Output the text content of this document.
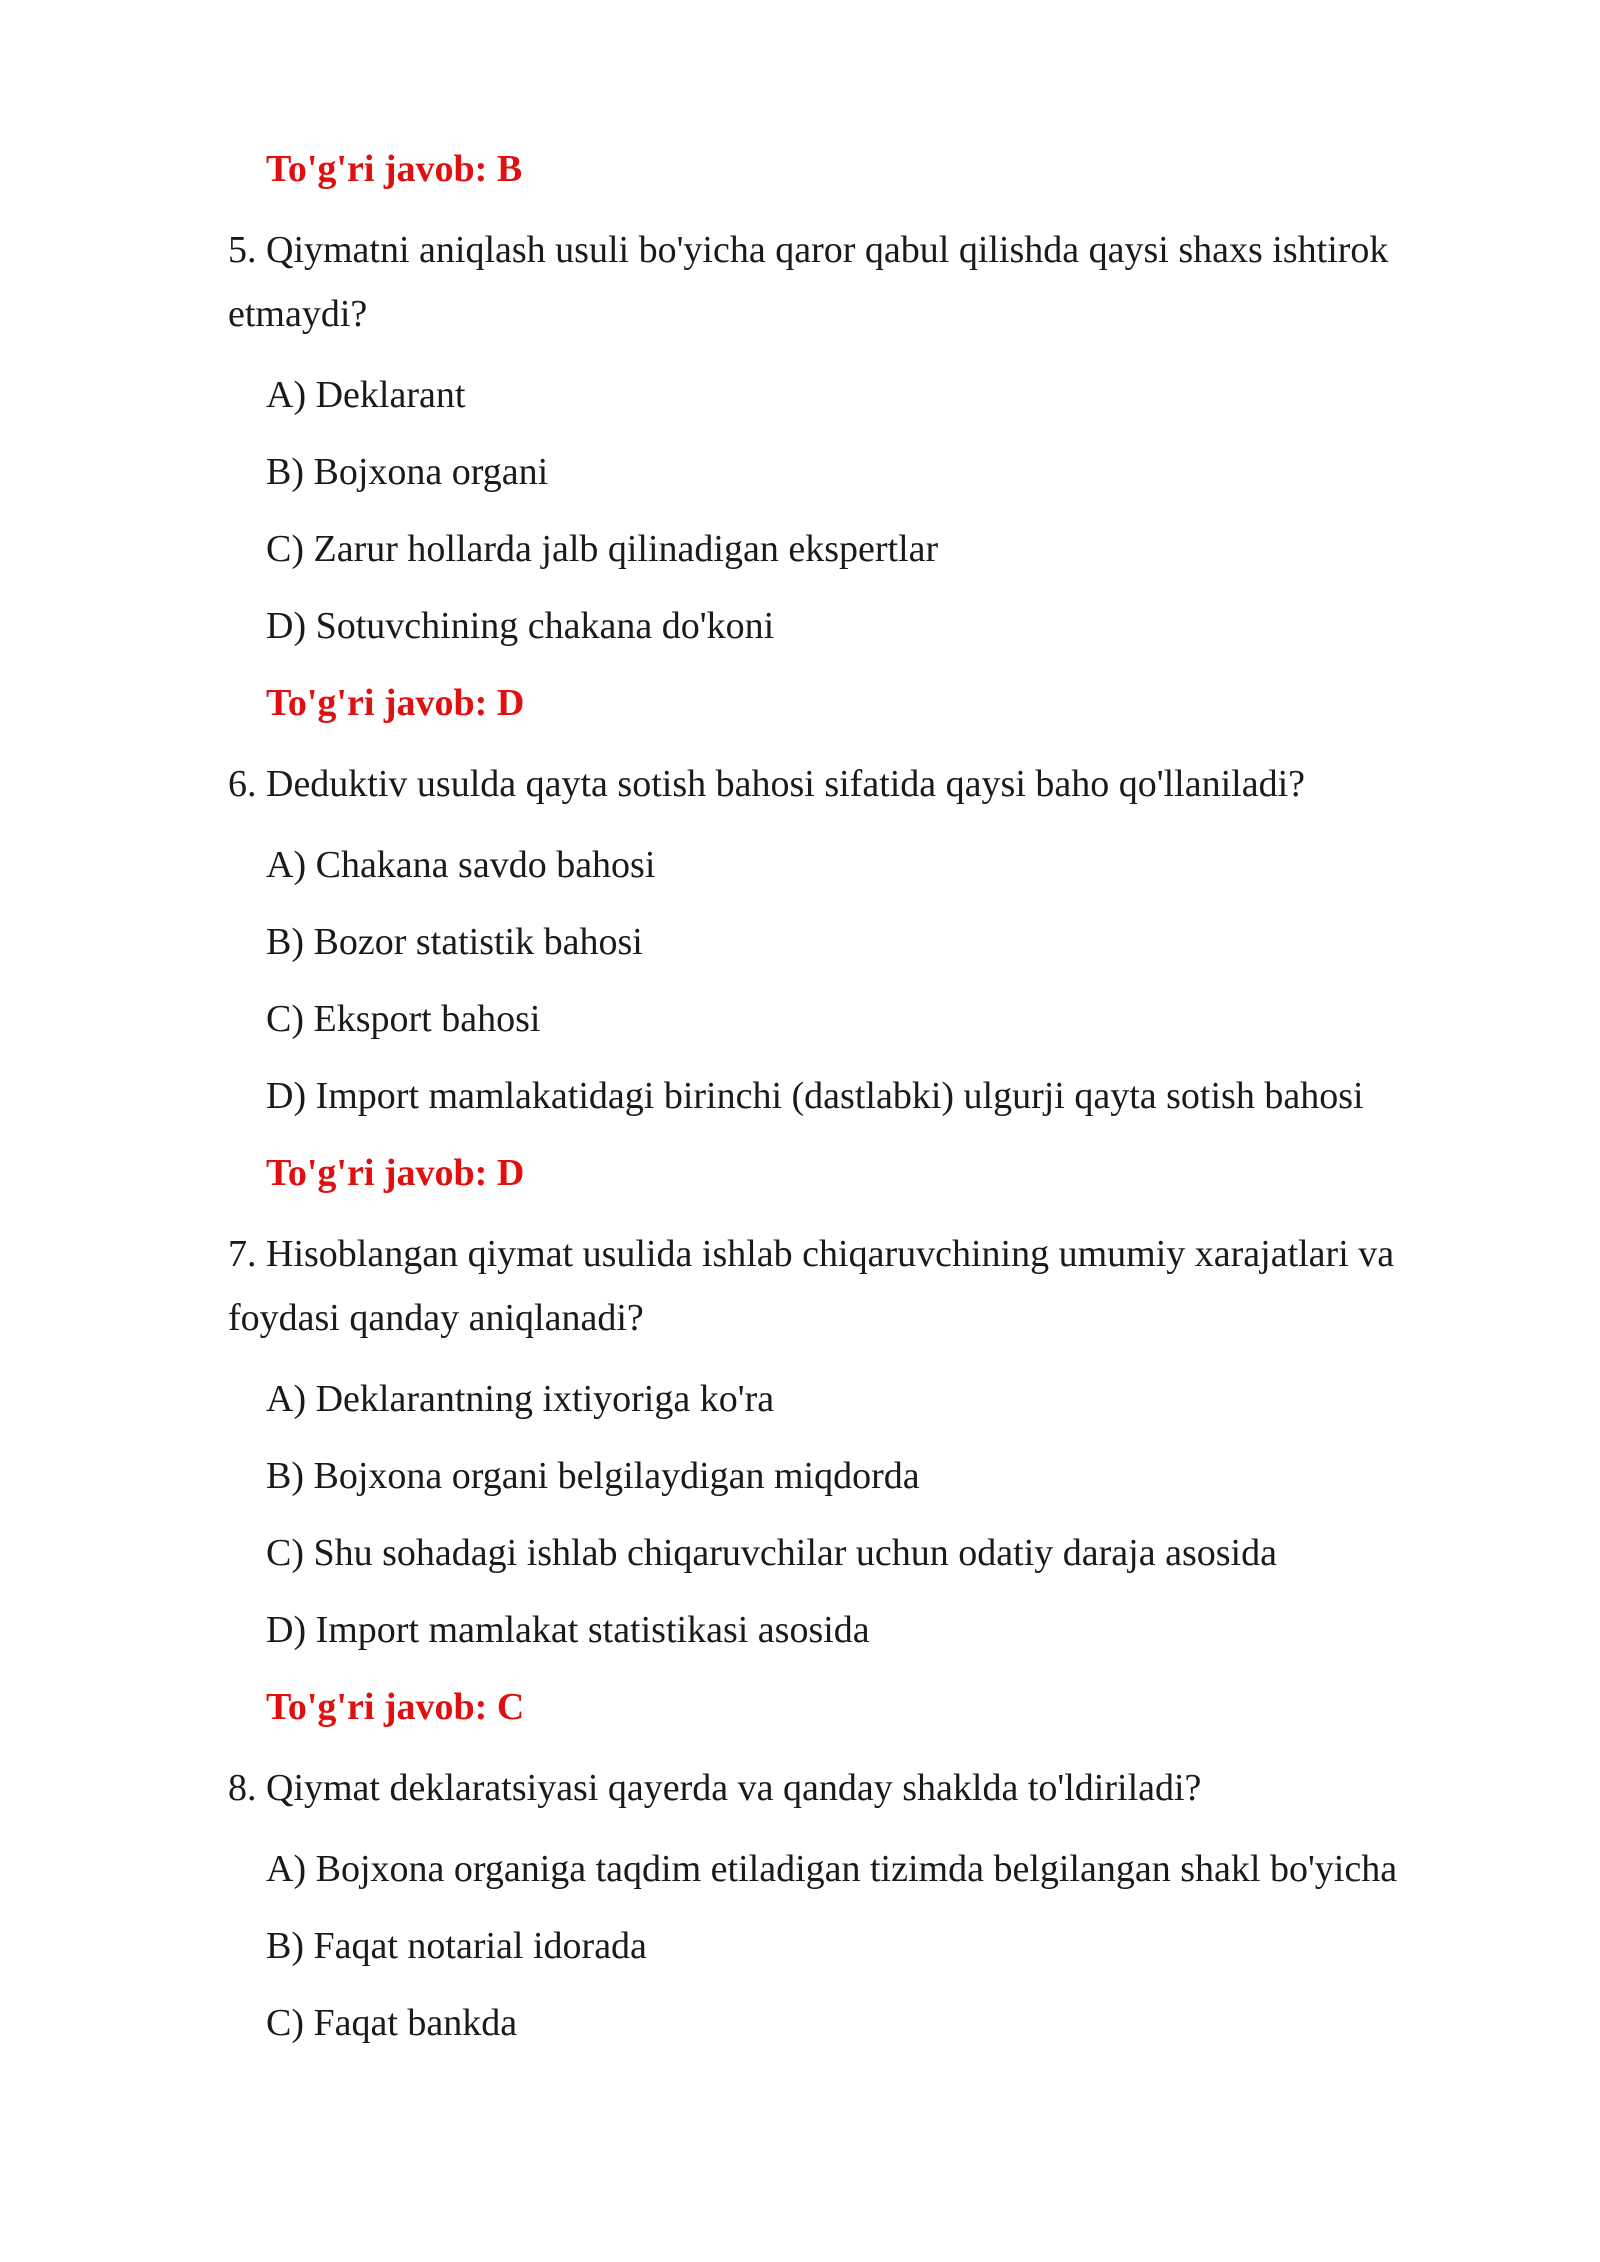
To'g'ri javob: B
5. Qiymatni aniqlash usuli bo'yicha qaror qabul qilishda qaysi shaxs ishtirok etmaydi?
A) Deklarant
B) Bojxona organi
C) Zarur hollarda jalb qilinadigan ekspertlar
D) Sotuvchining chakana do'koni
To'g'ri javob: D
6. Deduktiv usulda qayta sotish bahosi sifatida qaysi baho qo'llaniladi?
A) Chakana savdo bahosi
B) Bozor statistik bahosi
C) Eksport bahosi
D) Import mamlakatidagi birinchi (dastlabki) ulgurji qayta sotish bahosi
To'g'ri javob: D
7. Hisoblangan qiymat usulida ishlab chiqaruvchining umumiy xarajatlari va foydasi qanday aniqlanadi?
A) Deklarantning ixtiyoriga ko'ra
B) Bojxona organi belgilaydigan miqdorda
C) Shu sohadagi ishlab chiqaruvchilar uchun odatiy daraja asosida
D) Import mamlakat statistikasi asosida
To'g'ri javob: C
8. Qiymat deklaratsiyasi qayerda va qanday shaklda to'ldiriladi?
A) Bojxona organiga taqdim etiladigan tizimda belgilangan shakl bo'yicha
B) Faqat notarial idorada
C) Faqat bankda
